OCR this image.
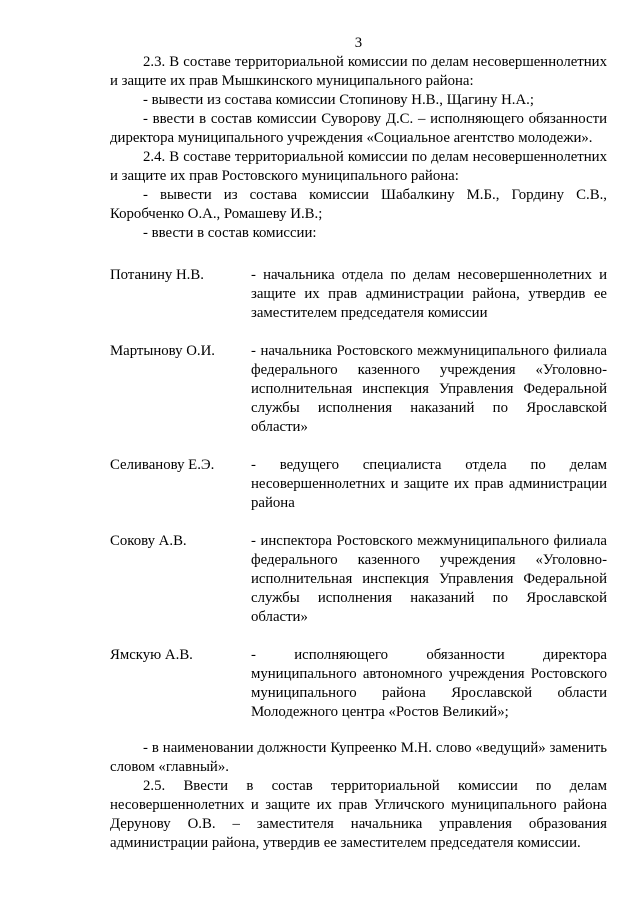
3

2.3. В составе территориальной комиссии по делам несовершеннолетних и защите их прав Мышкинского муниципального района:

- вывести из состава комиссии Стопинову Н.В., Щагину Н.А.;

- ввести в состав комиссии Суворову Д.С. – исполняющего обязанности директора муниципального учреждения «Социальное агентство молодежи».

2.4. В составе территориальной комиссии по делам несовершеннолетних и защите их прав Ростовского муниципального района:

- вывести из состава комиссии Шабалкину М.Б., Гордину С.В., Коробченко О.А., Ромашеву И.В.;

- ввести в состав комиссии:

Потанину Н.В.	- начальника отдела по делам несовершеннолетних и защите их прав администрации района, утвердив ее заместителем председателя комиссии
Мартынову О.И.	- начальника Ростовского межмуниципального филиала федерального казенного учреждения «Уголовно-исполнительная инспекция Управления Федеральной службы исполнения наказаний по Ярославской области»
Селиванову Е.Э.	- ведущего специалиста отдела по делам несовершеннолетних и защите их прав администрации района
Сокову А.В.	- инспектора Ростовского межмуниципального филиала федерального казенного учреждения «Уголовно-исполнительная инспекция Управления Федеральной службы исполнения наказаний по Ярославской области»
Ямскую А.В.	- исполняющего обязанности директора муниципального автономного учреждения Ростовского муниципального района Ярославской области Молодежного центра «Ростов Великий»;

- в наименовании должности Купреенко М.Н. слово «ведущий» заменить словом «главный».

2.5. Ввести в состав территориальной комиссии по делам несовершеннолетних и защите их прав Угличского муниципального района Дерунову О.В. – заместителя начальника управления образования администрации района, утвердив ее заместителем председателя комиссии.
